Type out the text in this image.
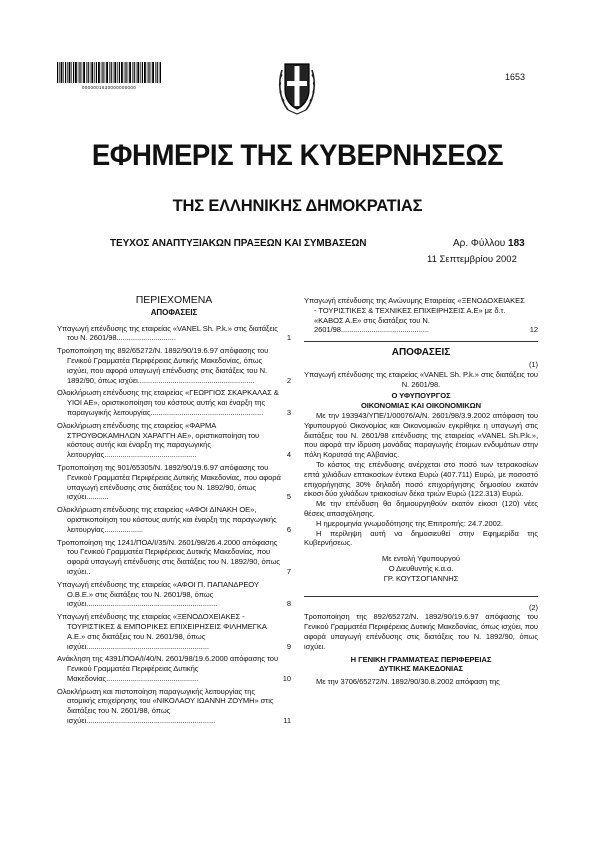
0000001630000000000
1653
ΕΦΗΜΕΡΙΣ ΤΗΣ ΚΥΒΕΡΝΗΣΕΩΣ
ΤΗΣ ΕΛΛΗΝΙΚΗΣ ΔΗΜΟΚΡΑΤΙΑΣ
ΤΕΥΧΟΣ ΑΝΑΠΤΥΞΙΑΚΩΝ ΠΡΑΞΕΩΝ ΚΑΙ ΣΥΜΒΑΣΕΩΝ	Αρ. Φύλλου 183
11 Σεπτεμβρίου 2002
ΠΕΡΙΕΧΟΜΕΝΑ
ΑΠΟΦΑΣΕΙΣ
Υπαγωγή επένδυσης της εταιρείας «VANEL Sh. P.k.» στις διατάξεις του Ν. 2601/98.............................	1
Τροποποίηση της 892/65272/Ν. 1892/90/19.6.97 απόφασης του Γενικού Γραμματέα Περιφέρειας Δυτικής Μακεδονίας, όπως ισχύει, που αφορά υπαγωγή επένδυσης στις διατάξεις του Ν. 1892/90, όπως ισχύει.........................................................	2
Ολοκλήρωση επένδυσης της εταιρείας «ΓΕΩΡΓΙΟΣ ΣΚΑΡΚΑΛΑΣ & ΥΙΟΙ ΑΕ», οριστικοποίηση του κόστους αυτής και έναρξη της παραγωγικής λειτουργίας.......................................................	3
Ολοκλήρωση επένδυσης της εταιρείας «ΦΑΡΜΑ ΣΤΡΟΥΘΟΚΑΜΗΛΩΝ ΧΑΡΑΓΓΗ ΑΕ», οριστικοποίηση του κόστους αυτής και έναρξη της παραγωγικής λειτουργίας.............................................	4
Τροποποίηση της 901/65305/Ν. 1892/90/19.6.97 απόφασης του Γενικού Γραμματέα Περιφέρειας Δυτικής Μακεδονίας, που αφορά υπαγωγή επένδυσης στις διατάξεις του Ν. 1892/90, όπως ισχύει...........	5
Ολοκλήρωση επένδυσης της εταιρείας «ΑΦΟΙ ΔΙΝΑΚΗ ΟΕ», οριστικοποίηση του κόστους αυτής και έναρξη της παραγωγικής λειτουργίας...................	6
Τροποποίηση της 1241/ΠΟΑ/Ι/35/Ν. 2601/98/26.4.2000 απόφασης του Γενικού Γραμματέα Περιφέρειας Δυτικής Μακεδονίας, που αφορά υπαγωγή επένδυσης στις διατάξεις του Ν. 1892/90, όπως ισχύει..	7
Υπαγωγή επένδυσης της εταιρείας «ΑΦΟΙ Π. ΠΑΠΑΝΔΡΕΟΥ Ο.Β.Ε.» στις διατάξεις του Ν. 2601/98, όπως ισχύει................................................................	8
Υπαγωγή επένδυσης της εταιρείας «ΞΕΝΟΔΟΧΕΙΑΚΕΣ - ΤΟΥΡΙΣΤΙΚΕΣ & ΕΜΠΟΡΙΚΕΣ ΕΠΙΧΕΙΡΗΣΕΙΣ ΦΙΛΗΜΕΓΚΑ Α.Ε.» στις διατάξεις του Ν. 2601/98, όπως ισχύει............................................................	9
Ανάκληση της 4391/ΠΟΑ/Ι/40/Ν. 2601/98/19.6.2000 απόφασης του Γενικού Γραμματέα Περιφέρειας Δυτικής Μακεδονίας.............................................	10
Ολοκλήρωση και πιστοποίηση παραγωγικής λειτουργίας της ατομικής επιχείρησης του «ΝΙΚΟΛΑΟΥ ΙΩΑΝΝΗ ΖΟΥΜΗ» στις διατάξεις του Ν. 2601/98, όπως ισχύει...............................................................	11
Υπαγωγή επένδυσης της Ανώνυμης Εταιρείας «ΞΕΝΟΔΟΧΕΙΑΚΕΣ - ΤΟΥΡΙΣΤΙΚΕΣ & ΤΕΧΝΙΚΕΣ ΕΠΙΧΕΙΡΗΣΕΙΣ Α.Ε» με δ.τ. «ΚΑΒΟΣ Α.Ε» στις διατάξεις του Ν. 2601/98...........................................	12
ΑΠΟΦΑΣΕΙΣ
(1)
Υπαγωγή επένδυσης της εταιρείας «VANEL Sh. P.k.» στις διατάξεις του Ν. 2601/98.
Ο ΥΦΥΠΟΥΡΓΟΣ
ΟΙΚΟΝΟΜΙΑΣ ΚΑΙ ΟΙΚΟΝΟΜΙΚΩΝ
Με την 193943/ΥΠΕ/1/00076/Α/Ν. 2601/98/3.9.2002 απόφαση του Υφυπουργού Οικονομίας και Οικονομικών εγκρίθηκε η υπαγωγή στις διατάξεις του Ν. 2601/98 επένδυσης της εταιρείας «VANEL Sh.P.k.», που αφορά την ίδρυση μονάδας παραγωγής έτοιμων ενδυμάτων στην πόλη Κορυτσά της Αλβανίας.
Το κόστος της επένδυσης ανέρχεται στο ποσό των τετρακοσίων επτά χιλιάδων επτακοσίων έντεκα Ευρώ (407.711) Ευρώ, με ποσοστό επιχορήγησης 30% δηλαδή ποσό επιχορήγησης δημοσίου εκατόν είκοσι δύο χιλιάδων τριακοσίων δέκα τριών Ευρώ (122.313) Ευρώ.
Με την επένδυση θα δημιουργηθούν εκατόν είκοσι (120) νέες θέσεις απασχόλησης.
Η ημερομηνία γνωμοδότησης της Επιτροπής: 24.7.2002.
Η περίληψη αυτή να δημοσιευθεί στην Εφημερίδα της Κυβερνήσεως.
Με εντολή Υφυπουργού
Ο Διευθυντής κ.α.α.
ΓΡ. ΚΟΥΤΣΟΓΙΑΝΝΗΣ
(2)
Τροποποίηση της 892/65272/Ν. 1892/90/19.6.97 απόφασης του Γενικού Γραμματέα Περιφέρειας Δυτικής Μακεδονίας, όπως ισχύει, που αφορά υπαγωγή επένδυσης στις διατάξεις του Ν. 1892/90, όπως ισχύει.
Η ΓΕΝΙΚΗ ΓΡΑΜΜΑΤΕΑΣ ΠΕΡΙΦΕΡΕΙΑΣ
ΔΥΤΙΚΗΣ ΜΑΚΕΔΟΝΙΑΣ
Με την 3706/65272/Ν. 1892/90/30.8.2002 απόφαση της
